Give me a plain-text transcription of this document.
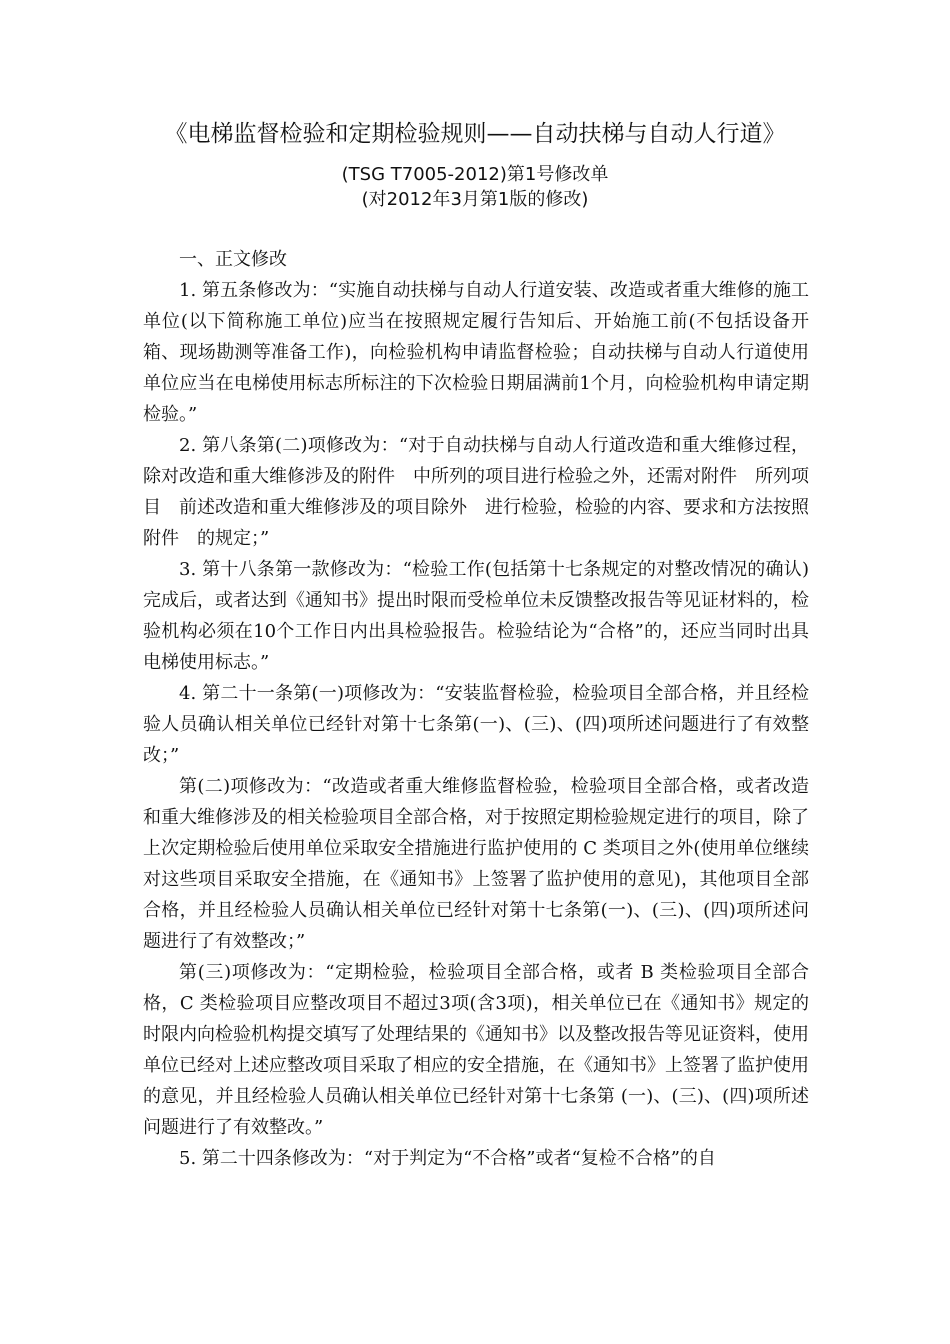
《电梯监督检验和定期检验规则——自动扶梯与自动人行道》
(TSG T7005-2012)第1号修改单
(对2012年3月第1版的修改)

一、正文修改

1. 第五条修改为：“实施自动扶梯与自动人行道安装、改造或者重大维修的施工单位(以下简称施工单位)应当在按照规定履行告知后、开始施工前(不包括设备开箱、现场勘测等准备工作)，向检验机构申请监督检验；自动扶梯与自动人行道使用单位应当在电梯使用标志所标注的下次检验日期届满前1个月，向检验机构申请定期检验。”

2. 第八条第(二)项修改为：“对于自动扶梯与自动人行道改造和重大维修过程，除对改造和重大维修涉及的附件　中所列的项目进行检验之外，还需对附件　所列项目　前述改造和重大维修涉及的项目除外　进行检验，检验的内容、要求和方法按照附件　的规定；”

3. 第十八条第一款修改为：“检验工作(包括第十七条规定的对整改情况的确认)完成后，或者达到《通知书》提出时限而受检单位未反馈整改报告等见证材料的，检验机构必须在10个工作日内出具检验报告。检验结论为“合格”的，还应当同时出具电梯使用标志。”

4. 第二十一条第(一)项修改为：“安装监督检验，检验项目全部合格，并且经检验人员确认相关单位已经针对第十七条第(一)、(三)、(四)项所述问题进行了有效整改；”

第(二)项修改为：“改造或者重大维修监督检验，检验项目全部合格，或者改造和重大维修涉及的相关检验项目全部合格，对于按照定期检验规定进行的项目，除了上次定期检验后使用单位采取安全措施进行监护使用的 C 类项目之外(使用单位继续对这些项目采取安全措施，在《通知书》上签署了监护使用的意见)，其他项目全部合格，并且经检验人员确认相关单位已经针对第十七条第(一)、(三)、(四)项所述问题进行了有效整改；”

第(三)项修改为：“定期检验，检验项目全部合格，或者 B 类检验项目全部合格，C 类检验项目应整改项目不超过3项(含3项)，相关单位已在《通知书》规定的时限内向检验机构提交填写了处理结果的《通知书》以及整改报告等见证资料，使用单位已经对上述应整改项目采取了相应的安全措施，在《通知书》上签署了监护使用的意见，并且经检验人员确认相关单位已经针对第十七条第 (一)、(三)、(四)项所述问题进行了有效整改。”

5. 第二十四条修改为：“对于判定为“不合格”或者“复检不合格”的自
